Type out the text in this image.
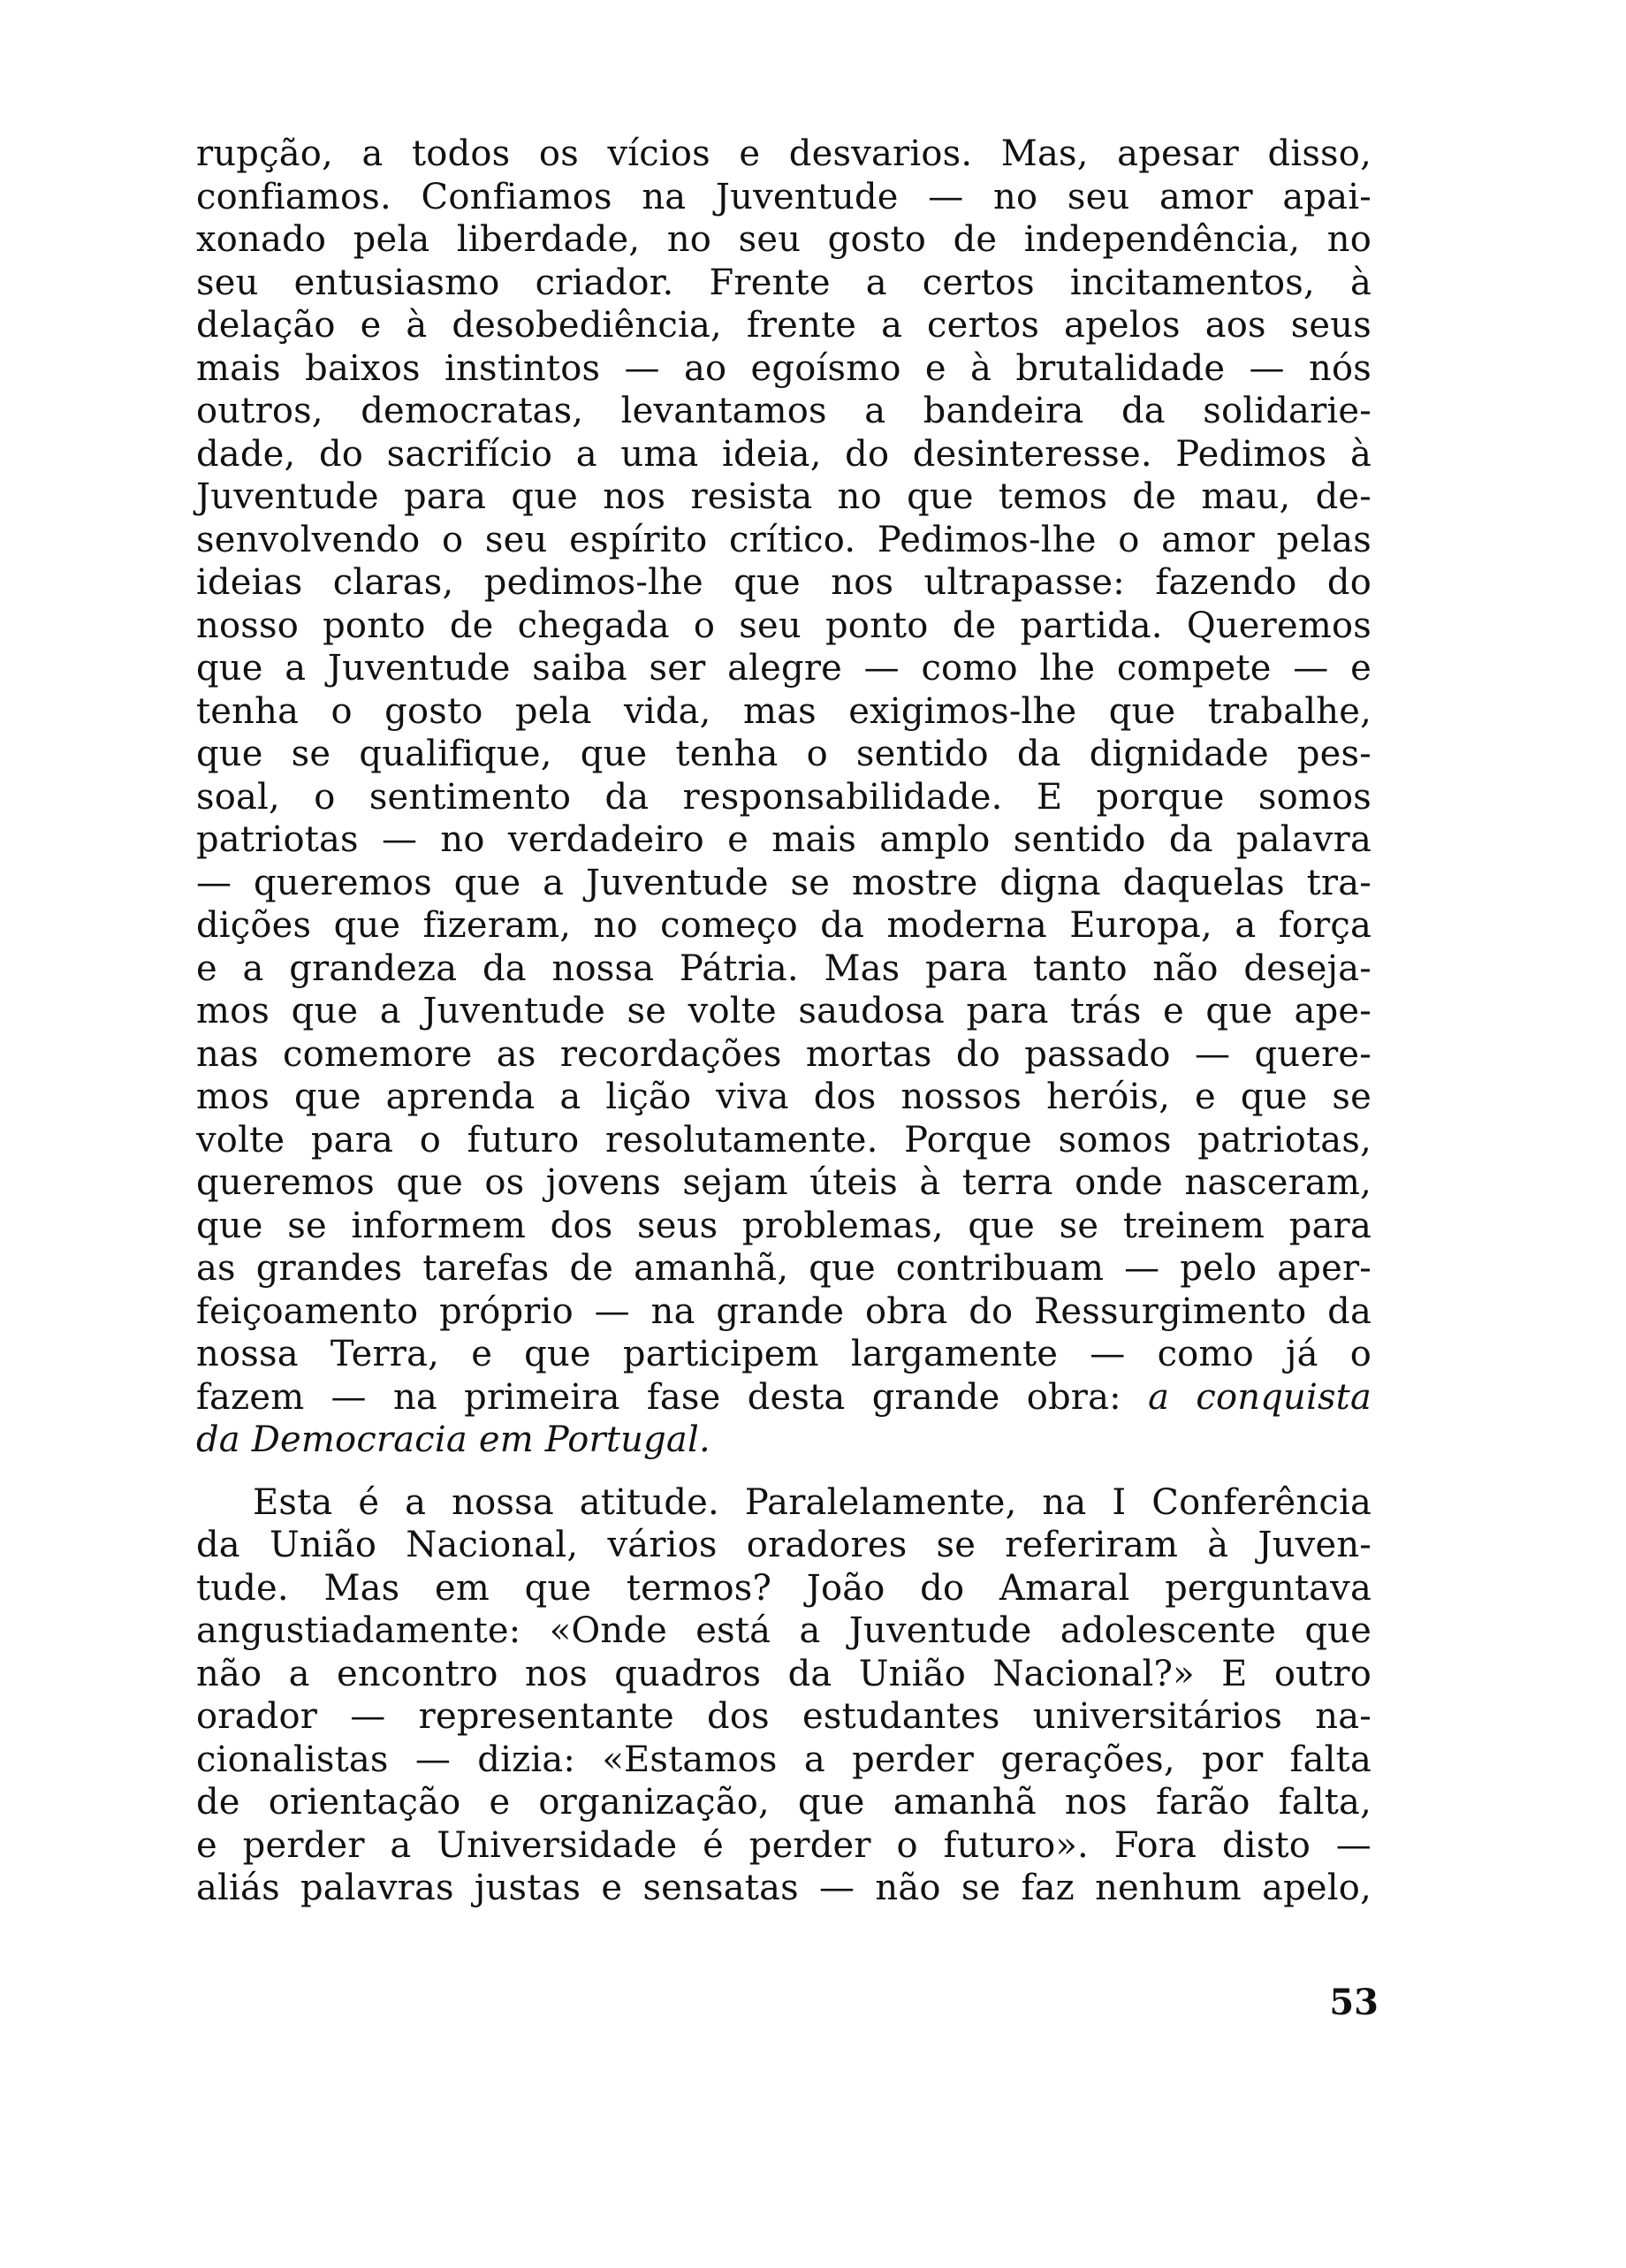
rupção, a todos os vícios e desvarios. Mas, apesar disso,
confiamos. Confiamos na Juventude — no seu amor apai-
xonado pela liberdade, no seu gosto de independência, no
seu entusiasmo criador. Frente a certos incitamentos, à
delação e à desobediência, frente a certos apelos aos seus
mais baixos instintos — ao egoísmo e à brutalidade — nós
outros, democratas, levantamos a bandeira da solidarie-
dade, do sacrifício a uma ideia, do desinteresse. Pedimos à
Juventude para que nos resista no que temos de mau, de-
senvolvendo o seu espírito crítico. Pedimos-lhe o amor pelas
ideias claras, pedimos-lhe que nos ultrapasse: fazendo do
nosso ponto de chegada o seu ponto de partida. Queremos
que a Juventude saiba ser alegre — como lhe compete — e
tenha o gosto pela vida, mas exigimos-lhe que trabalhe,
que se qualifique, que tenha o sentido da dignidade pes-
soal, o sentimento da responsabilidade. E porque somos
patriotas — no verdadeiro e mais amplo sentido da palavra
— queremos que a Juventude se mostre digna daquelas tra-
dições que fizeram, no começo da moderna Europa, a força
e a grandeza da nossa Pátria. Mas para tanto não deseja-
mos que a Juventude se volte saudosa para trás e que ape-
nas comemore as recordações mortas do passado — quere-
mos que aprenda a lição viva dos nossos heróis, e que se
volte para o futuro resolutamente. Porque somos patriotas,
queremos que os jovens sejam úteis à terra onde nasceram,
que se informem dos seus problemas, que se treinem para
as grandes tarefas de amanhã, que contribuam — pelo aper-
feiçoamento próprio — na grande obra do Ressurgimento da
nossa Terra, e que participem largamente — como já o
fazem — na primeira fase desta grande obra: a conquista
da Democracia em Portugal.
Esta é a nossa atitude. Paralelamente, na I Conferência
da União Nacional, vários oradores se referiram à Juven-
tude. Mas em que termos? João do Amaral perguntava
angustiadamente: «Onde está a Juventude adolescente que
não a encontro nos quadros da União Nacional?» E outro
orador — representante dos estudantes universitários na-
cionalistas — dizia: «Estamos a perder gerações, por falta
de orientação e organização, que amanhã nos farão falta,
e perder a Universidade é perder o futuro». Fora disto —
aliás palavras justas e sensatas — não se faz nenhum apelo,
53
